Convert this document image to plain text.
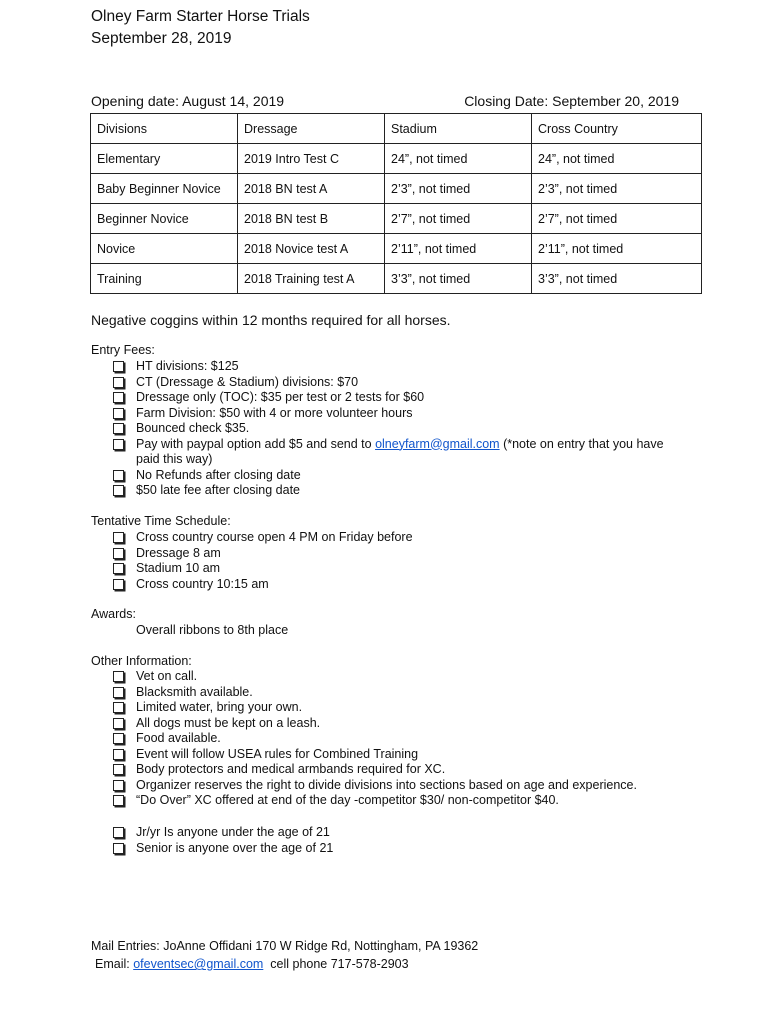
Olney Farm Starter Horse Trials
September 28, 2019
Opening date: August 14, 2019	Closing Date: September 20, 2019
Divisions	Dressage	Stadium	Cross Country
Elementary	2019 Intro Test C	24”, not timed	24”, not timed
Baby Beginner Novice	2018 BN test A	2’3”, not timed	2’3”, not timed
Beginner Novice	2018 BN test B	2’7”, not timed	2’7”, not timed
Novice	2018 Novice test A	2’11”, not timed	2’11”, not timed
Training	2018 Training test A	3’3”, not timed	3’3”, not timed
Negative coggins within 12 months required for all horses.
Entry Fees:
HT divisions: $125
CT (Dressage & Stadium) divisions: $70
Dressage only (TOC): $35 per test or 2 tests for $60
Farm Division: $50 with 4 or more volunteer hours
Bounced check $35.
Pay with paypal option add $5 and send to olneyfarm@gmail.com (*note on entry that you have paid this way)
No Refunds after closing date
$50 late fee after closing date
Tentative Time Schedule:
Cross country course open 4 PM on Friday before
Dressage 8 am
Stadium 10 am
Cross country 10:15 am
Awards:
Overall ribbons to 8th place
Other Information:
Vet on call.
Blacksmith available.
Limited water, bring your own.
All dogs must be kept on a leash.
Food available.
Event will follow USEA rules for Combined Training
Body protectors and medical armbands required for XC.
Organizer reserves the right to divide divisions into sections based on age and experience.
“Do Over” XC offered at end of the day -competitor $30/ non-competitor $40.
Jr/yr Is anyone under the age of 21
Senior is anyone over the age of 21
Mail Entries: JoAnne Offidani 170 W Ridge Rd, Nottingham, PA 19362
Email: ofeventsec@gmail.com  cell phone 717-578-2903
